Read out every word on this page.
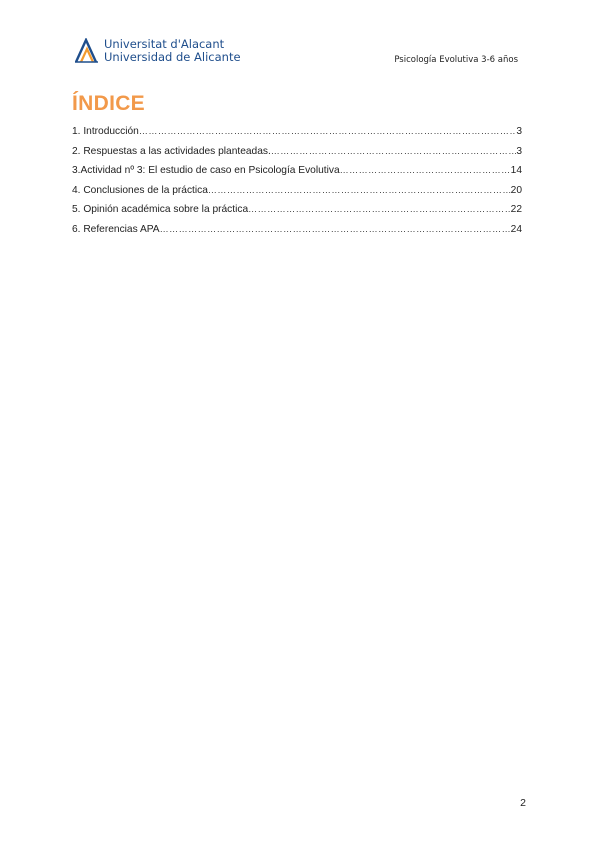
Universitat d'Alacant
Universidad de Alicante	Psicología Evolutiva 3-6 años
ÍNDICE
1. Introducción …………………………………………………………………………………………………………………………………	3
2. Respuestas a las actividades planteadas. …………………………………………………………………………………………………………………………………	3
3.Actividad nº 3: El estudio de caso en Psicología Evolutiva …………………………………………………………………………………………………………………………………	14
4. Conclusiones de la práctica …………………………………………………………………………………………………………………………………	20
5. Opinión académica sobre la práctica …………………………………………………………………………………………………………………………………	22
6. Referencias APA …………………………………………………………………………………………………………………………………	24
2
